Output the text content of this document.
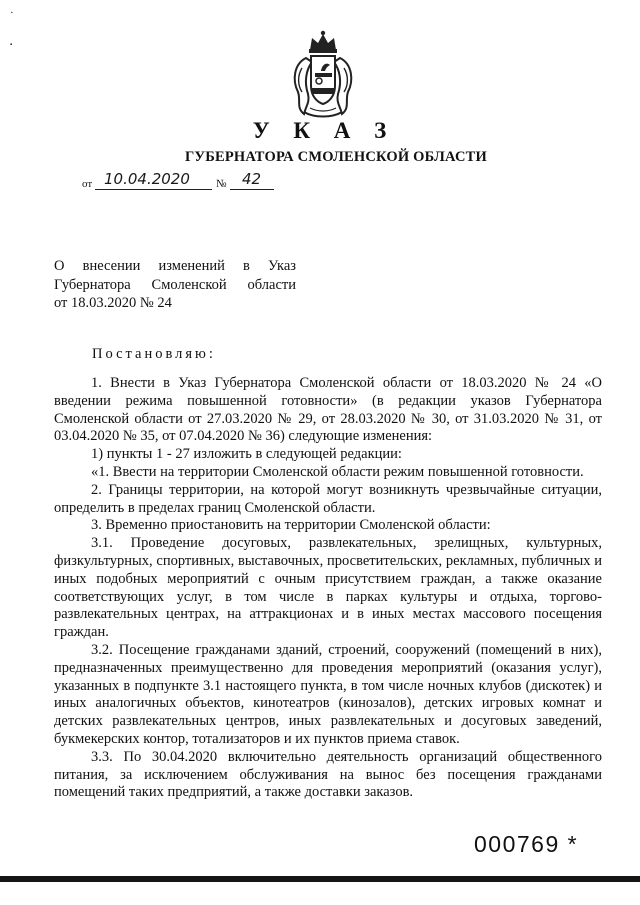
·
▪
У К А З
ГУБЕРНАТОРА СМОЛЕНСКОЙ ОБЛАСТИ
от 10.04.2020 № 42
О внесении изменений в Указ
Губернатора Смоленской области
от 18.03.2020 № 24
Постановляю:

1. Внести в Указ Губернатора Смоленской области от 18.03.2020 № 24 «О введении режима повышенной готовности» (в редакции указов Губернатора Смоленской области от 27.03.2020 № 29, от 28.03.2020 № 30, от 31.03.2020 № 31, от 03.04.2020 № 35, от 07.04.2020 № 36) следующие изменения:

1) пункты 1 - 27 изложить в следующей редакции:

«1. Ввести на территории Смоленской области режим повышенной готовности.

2. Границы территории, на которой могут возникнуть чрезвычайные ситуации, определить в пределах границ Смоленской области.

3. Временно приостановить на территории Смоленской области:

3.1. Проведение досуговых, развлекательных, зрелищных, культурных, физкультурных, спортивных, выставочных, просветительских, рекламных, публичных и иных подобных мероприятий с очным присутствием граждан, а также оказание соответствующих услуг, в том числе в парках культуры и отдыха, торгово-развлекательных центрах, на аттракционах и в иных местах массового посещения граждан.

3.2. Посещение гражданами зданий, строений, сооружений (помещений в них), предназначенных преимущественно для проведения мероприятий (оказания услуг), указанных в подпункте 3.1 настоящего пункта, в том числе ночных клубов (дискотек) и иных аналогичных объектов, кинотеатров (кинозалов), детских игровых комнат и детских развлекательных центров, иных развлекательных и досуговых заведений, букмекерских контор, тотализаторов и их пунктов приема ставок.

3.3. По 30.04.2020 включительно деятельность организаций общественного питания, за исключением обслуживания на вынос без посещения гражданами помещений таких предприятий, а также доставки заказов.

000769 *
